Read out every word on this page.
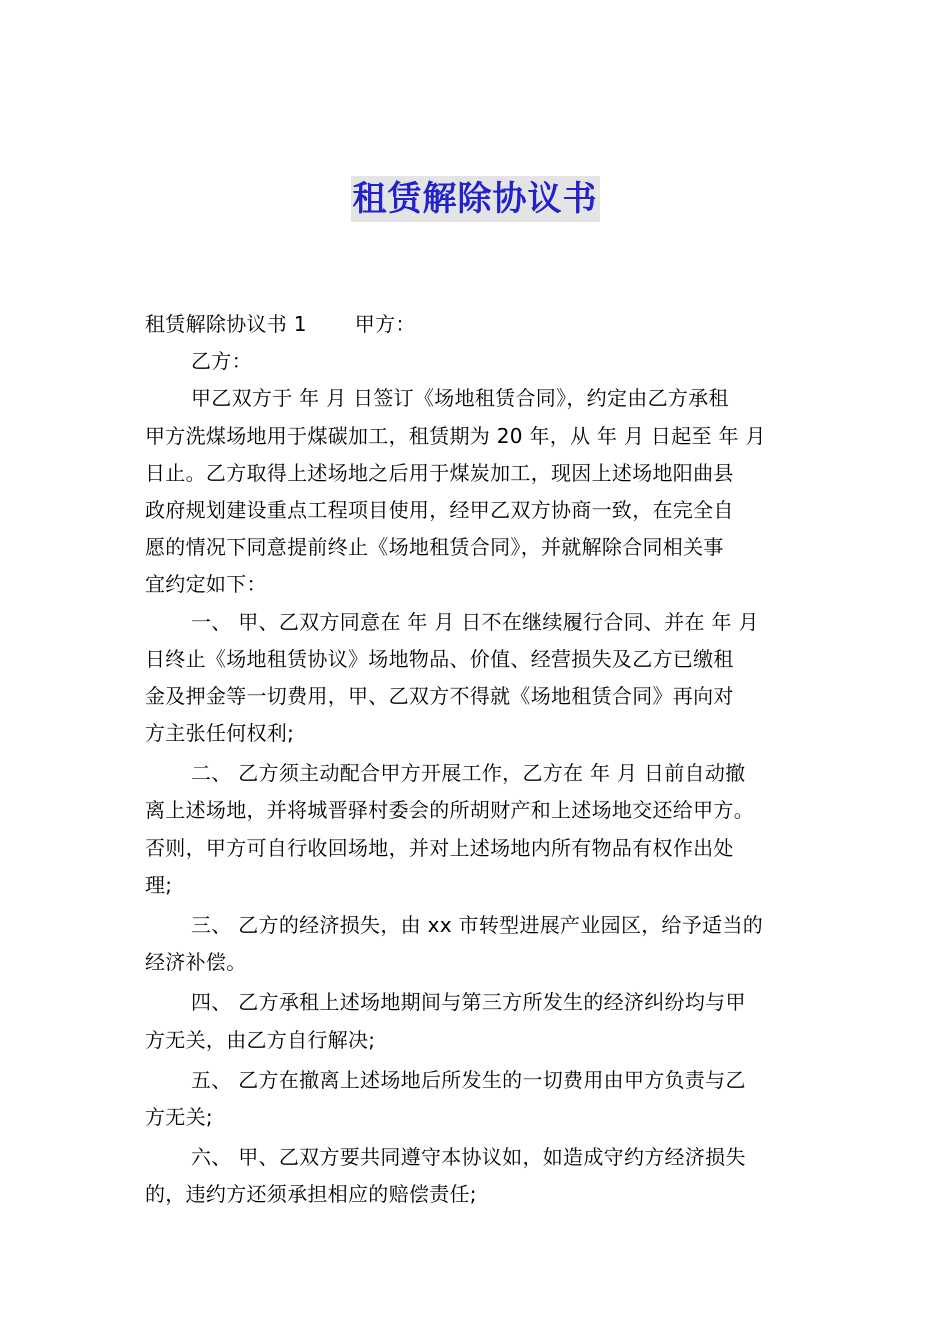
租赁解除协议书
租赁解除协议书 1 甲方：
乙方：
甲乙双方于 年 月 日签订《场地租赁合同》，约定由乙方承租
甲方洗煤场地用于煤碳加工，租赁期为 20 年，从 年 月 日起至 年 月
日止。乙方取得上述场地之后用于煤炭加工，现因上述场地阳曲县
政府规划建设重点工程项目使用，经甲乙双方协商一致，在完全自
愿的情况下同意提前终止《场地租赁合同》，并就解除合同相关事
宜约定如下：
一、 甲、乙双方同意在 年 月 日不在继续履行合同、并在 年 月
日终止《场地租赁协议》场地物品、价值、经营损失及乙方已缴租
金及押金等一切费用，甲、乙双方不得就《场地租赁合同》再向对
方主张任何权利;
二、 乙方须主动配合甲方开展工作，乙方在 年 月 日前自动撤
离上述场地，并将城晋驿村委会的所胡财产和上述场地交还给甲方。
否则，甲方可自行收回场地，并对上述场地内所有物品有权作出处
理;
三、 乙方的经济损失，由 xx 市转型进展产业园区，给予适当的
经济补偿。
四、 乙方承租上述场地期间与第三方所发生的经济纠纷均与甲
方无关，由乙方自行解决;
五、 乙方在撤离上述场地后所发生的一切费用由甲方负责与乙
方无关;
六、 甲、乙双方要共同遵守本协议如，如造成守约方经济损失
的，违约方还须承担相应的赔偿责任;
